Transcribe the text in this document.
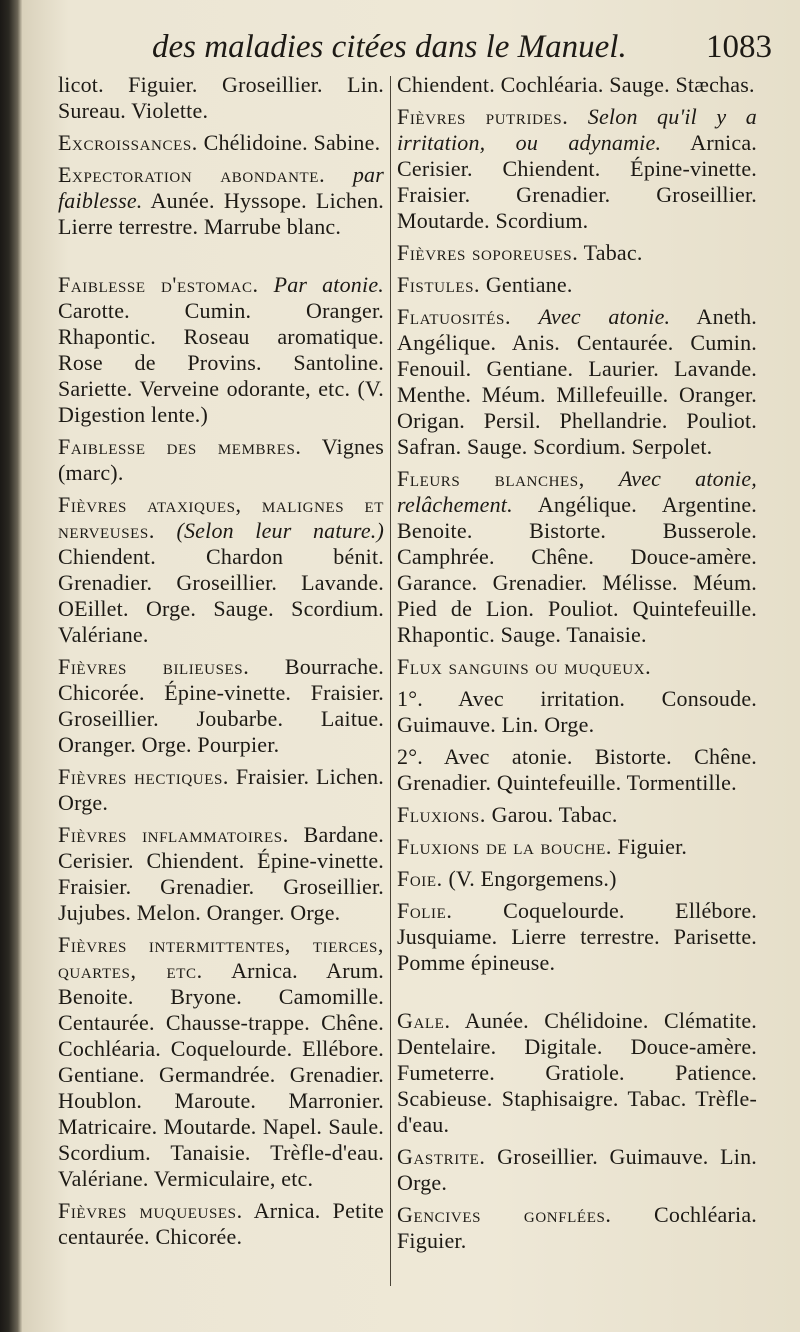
des maladies citées dans le Manuel. 1083

licot. Figuier. Groseillier. Lin. Sureau. Violette.

Excroissances. Chélidoine. Sabine.

Expectoration abondante. par faiblesse. Aunée. Hyssope. Lichen. Lierre terrestre. Marrube blanc.

Faiblesse d'estomac. Par atonie. Carotte. Cumin. Oranger. Rhapontic. Roseau aromatique. Rose de Provins. Santoline. Sariette. Verveine odorante, etc. (V. Digestion lente.)

Faiblesse des membres. Vignes (marc).

Fièvres ataxiques, malignes et nerveuses. (Selon leur nature.) Chiendent. Chardon bénit. Grenadier. Groseillier. Lavande. OEillet. Orge. Sauge. Scordium. Valériane.

Fièvres bilieuses. Bourrache. Chicorée. Épine-vinette. Fraisier. Groseillier. Joubarbe. Laitue. Oranger. Orge. Pourpier.

Fièvres hectiques. Fraisier. Lichen. Orge.

Fièvres inflammatoires. Bardane. Cerisier. Chiendent. Épine-vinette. Fraisier. Grenadier. Groseillier. Jujubes. Melon. Oranger. Orge.

Fièvres intermittentes, tierces, quartes, etc. Arnica. Arum. Benoite. Bryone. Camomille. Centaurée. Chausse-trappe. Chêne. Cochléaria. Coquelourde. Ellébore. Gentiane. Germandrée. Grenadier. Houblon. Maroute. Marronier. Matricaire. Moutarde. Napel. Saule. Scordium. Tanaisie. Trèfle-d'eau. Valériane. Vermiculaire, etc.

Fièvres muqueuses. Arnica. Petite centaurée. Chicorée.

Chiendent. Cochléaria. Sauge. Stæchas.

Fièvres putrides. Selon qu'il y a irritation, ou adynamie. Arnica. Cerisier. Chiendent. Épine-vinette. Fraisier. Grenadier. Groseillier. Moutarde. Scordium.

Fièvres soporeuses. Tabac.

Fistules. Gentiane.

Flatuosités. Avec atonie. Aneth. Angélique. Anis. Centaurée. Cumin. Fenouil. Gentiane. Laurier. Lavande. Menthe. Méum. Millefeuille. Oranger. Origan. Persil. Phellandrie. Pouliot. Safran. Sauge. Scordium. Serpolet.

Fleurs blanches, Avec atonie, relâchement. Angélique. Argentine. Benoite. Bistorte. Busserole. Camphrée. Chêne. Douce-amère. Garance. Grenadier. Mélisse. Méum. Pied de Lion. Pouliot. Quintefeuille. Rhapontic. Sauge. Tanaisie.

Flux sanguins ou muqueux.

1°. Avec irritation. Consoude. Guimauve. Lin. Orge.

2°. Avec atonie. Bistorte. Chêne. Grenadier. Quintefeuille. Tormentille.

Fluxions. Garou. Tabac.

Fluxions de la bouche. Figuier.

Foie. (V. Engorgemens.)

Folie. Coquelourde. Ellébore. Jusquiame. Lierre terrestre. Parisette. Pomme épineuse.

Gale. Aunée. Chélidoine. Clématite. Dentelaire. Digitale. Douce-amère. Fumeterre. Gratiole. Patience. Scabieuse. Staphisaigre. Tabac. Trèfle-d'eau.

Gastrite. Groseillier. Guimauve. Lin. Orge.

Gencives gonflées. Cochléaria. Figuier.
